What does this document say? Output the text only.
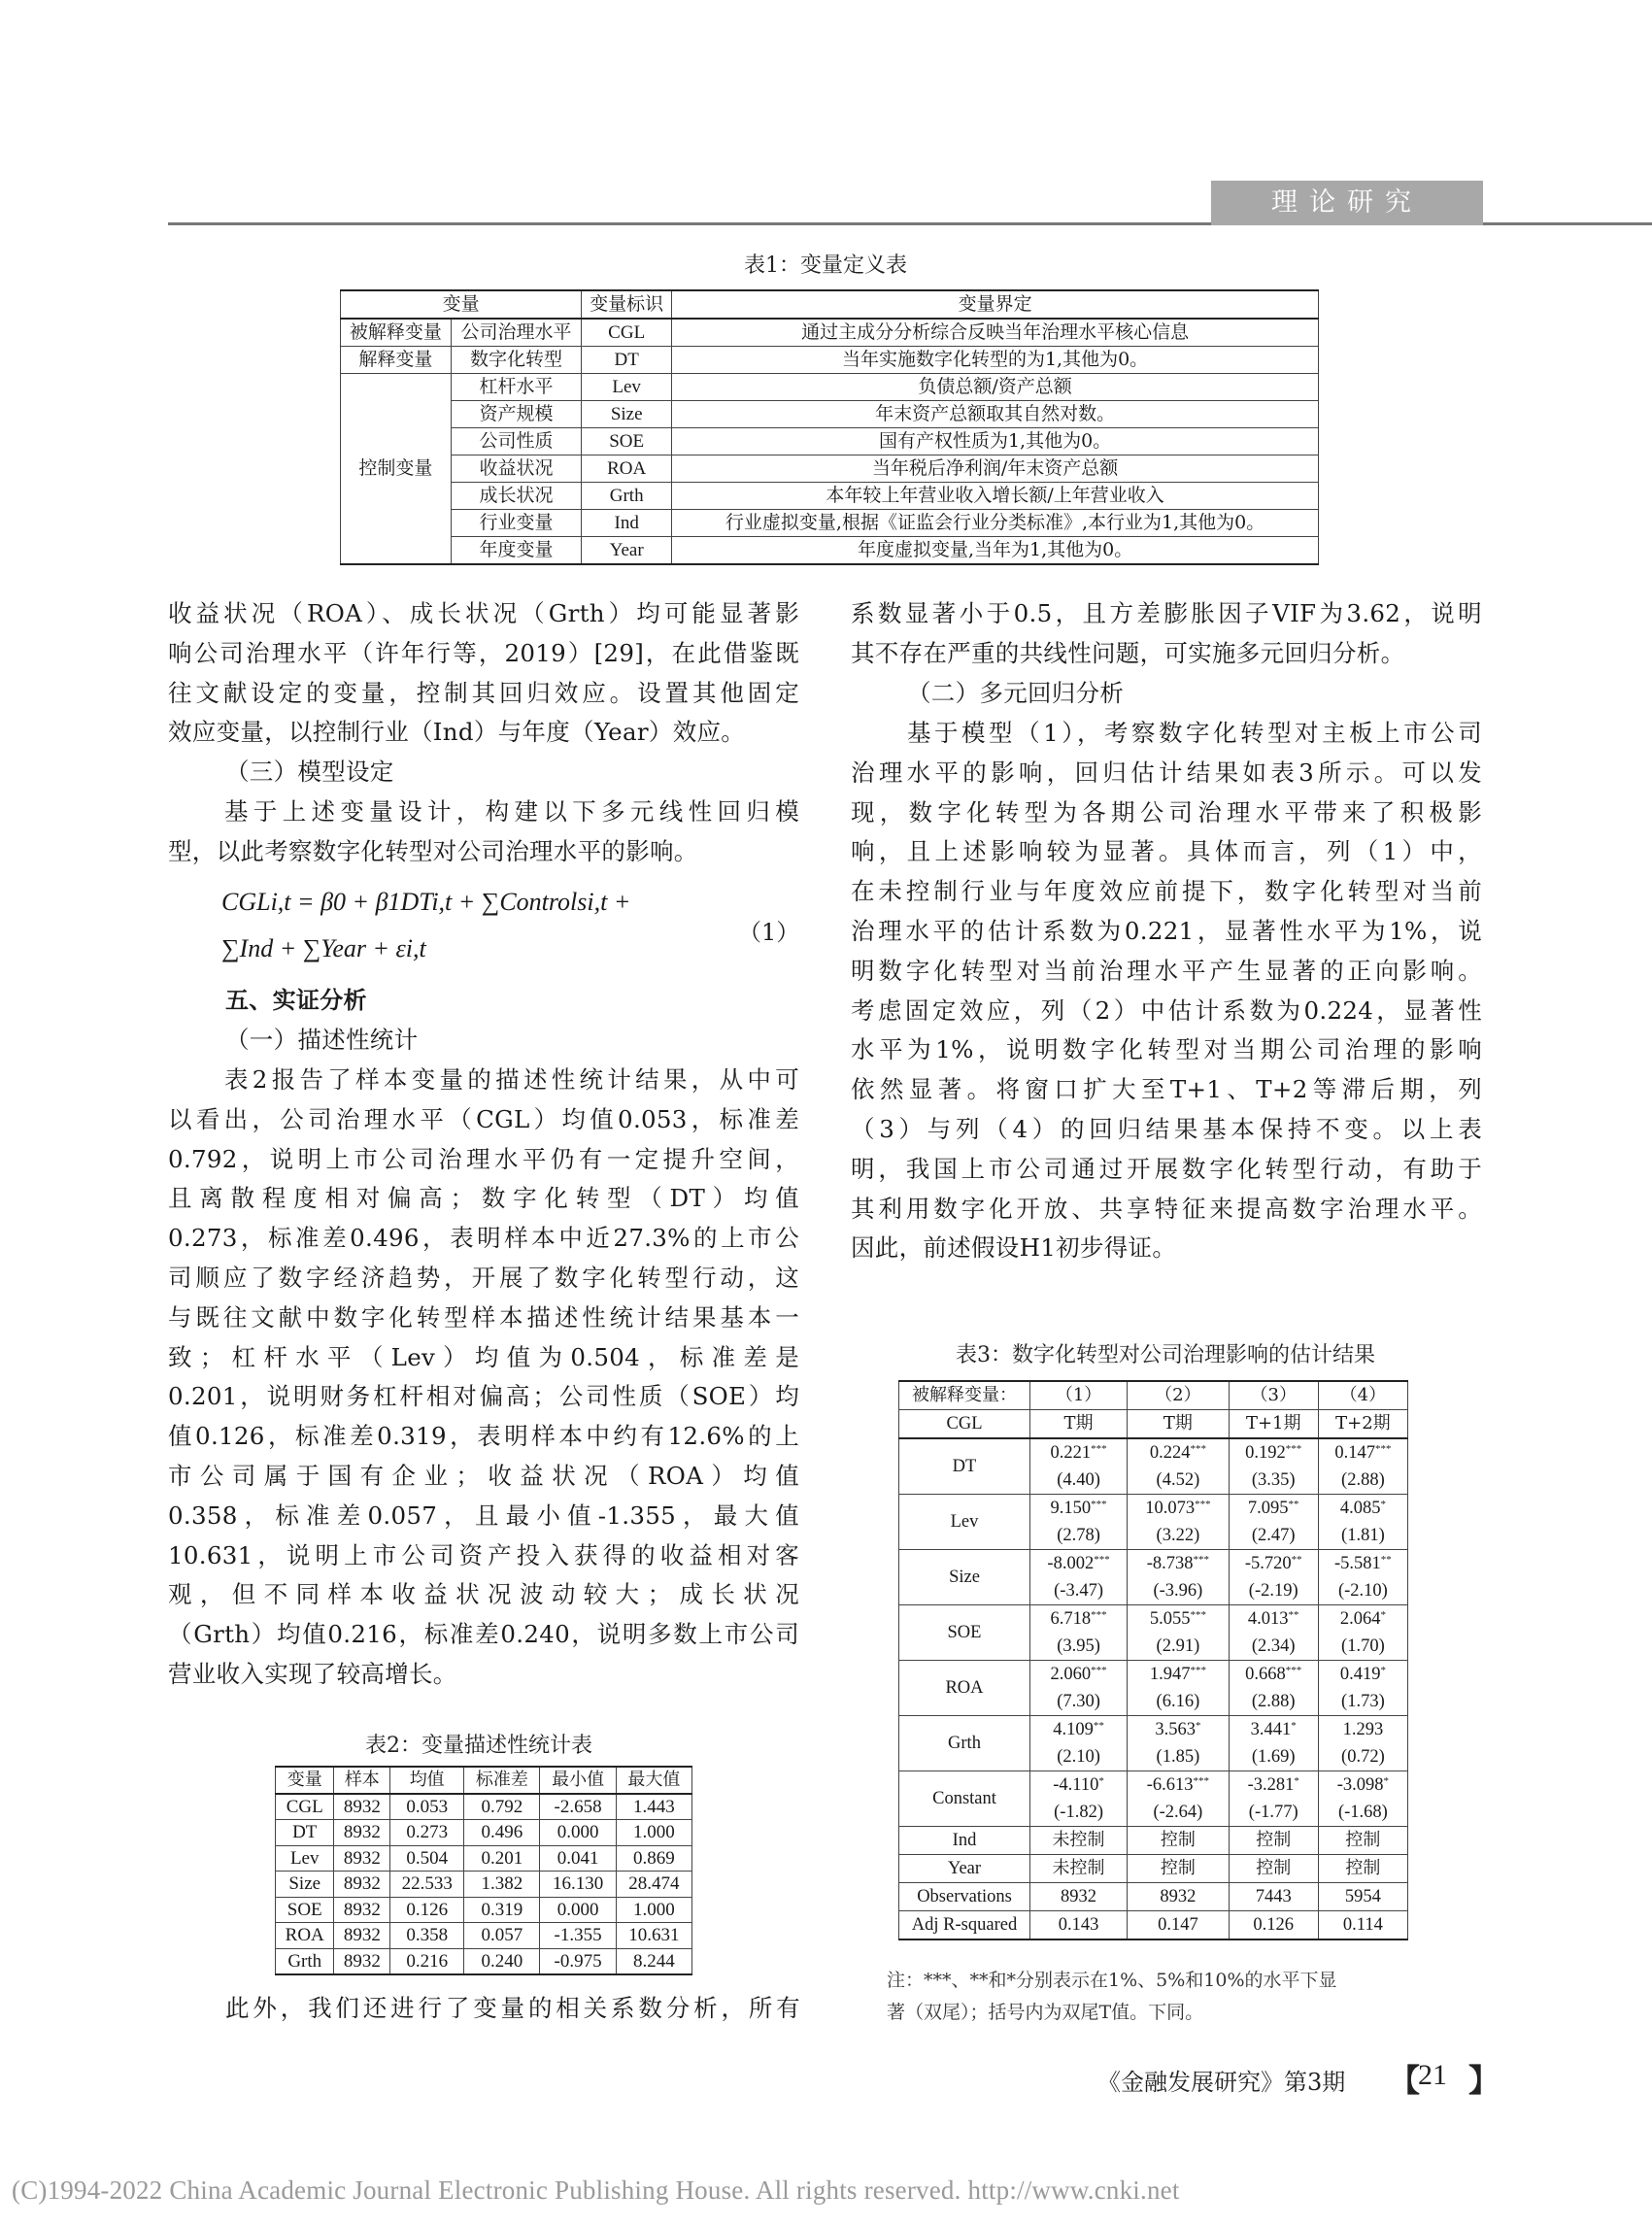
理论研究
表1：变量定义表
变量		变量标识	变量界定
被解释变量	公司治理水平	CGL	通过主成分分析综合反映当年治理水平核心信息
解释变量	数字化转型	DT	当年实施数字化转型的为1,其他为0。
控制变量	杠杆水平	Lev	负债总额/资产总额
	资产规模	Size	年末资产总额取其自然对数。
	公司性质	SOE	国有产权性质为1,其他为0。
	收益状况	ROA	当年税后净利润/年末资产总额
	成长状况	Grth	本年较上年营业收入增长额/上年营业收入
	行业变量	Ind	行业虚拟变量,根据《证监会行业分类标准》,本行业为1,其他为0。
	年度变量	Year	年度虚拟变量,当年为1,其他为0。
收益状况（ROA）、成长状况（Grth）均可能显著影
响公司治理水平（许年行等，2019）[29]，在此借鉴既
往文献设定的变量，控制其回归效应。设置其他固定
效应变量，以控制行业（Ind）与年度（Year）效应。
（三）模型设定
基于上述变量设计，构建以下多元线性回归模
型，以此考察数字化转型对公司治理水平的影响。
CGLi,t = β0 + β1DTi,t + ∑Controlsi,t +
∑Ind + ∑Year + εi,t
（1）
五、实证分析
（一）描述性统计
表2报告了样本变量的描述性统计结果，从中可
以看出，公司治理水平（CGL）均值0.053，标准差
0.792，说明上市公司治理水平仍有一定提升空间，
且离散程度相对偏高；数字化转型（DT）均值
0.273，标准差0.496，表明样本中近27.3%的上市公
司顺应了数字经济趋势，开展了数字化转型行动，这
与既往文献中数字化转型样本描述性统计结果基本一
致；杠杆水平（Lev）均值为0.504，标准差是
0.201，说明财务杠杆相对偏高；公司性质（SOE）均
值0.126，标准差0.319，表明样本中约有12.6%的上
市公司属于国有企业；收益状况（ROA）均值
0.358，标准差0.057，且最小值-1.355，最大值
10.631，说明上市公司资产投入获得的收益相对客
观，但不同样本收益状况波动较大；成长状况
（Grth）均值0.216，标准差0.240，说明多数上市公司
营业收入实现了较高增长。
表2：变量描述性统计表
变量	样本	均值	标准差	最小值	最大值
CGL	8932	0.053	0.792	-2.658	1.443
DT	8932	0.273	0.496	0.000	1.000
Lev	8932	0.504	0.201	0.041	0.869
Size	8932	22.533	1.382	16.130	28.474
SOE	8932	0.126	0.319	0.000	1.000
ROA	8932	0.358	0.057	-1.355	10.631
Grth	8932	0.216	0.240	-0.975	8.244
此外，我们还进行了变量的相关系数分析，所有
系数显著小于0.5，且方差膨胀因子VIF为3.62，说明
其不存在严重的共线性问题，可实施多元回归分析。
（二）多元回归分析
基于模型（1），考察数字化转型对主板上市公司
治理水平的影响，回归估计结果如表3所示。可以发
现，数字化转型为各期公司治理水平带来了积极影
响，且上述影响较为显著。具体而言，列（1）中，
在未控制行业与年度效应前提下，数字化转型对当前
治理水平的估计系数为0.221，显著性水平为1%，说
明数字化转型对当前治理水平产生显著的正向影响。
考虑固定效应，列（2）中估计系数为0.224，显著性
水平为1%，说明数字化转型对当期公司治理的影响
依然显著。将窗口扩大至T+1、T+2等滞后期，列
（3）与列（4）的回归结果基本保持不变。以上表
明，我国上市公司通过开展数字化转型行动，有助于
其利用数字化开放、共享特征来提高数字治理水平。
因此，前述假设H1初步得证。
表3：数字化转型对公司治理影响的估计结果
被解释变量：	（1）	（2）	（3）	（4）
CGL	T期	T期	T+1期	T+2期
DT	0.221***	0.224***	0.192***	0.147***
	(4.40)	(4.52)	(3.35)	(2.88)
Lev	9.150***	10.073***	7.095**	4.085*
	(2.78)	(3.22)	(2.47)	(1.81)
Size	-8.002***	-8.738***	-5.720**	-5.581**
	(-3.47)	(-3.96)	(-2.19)	(-2.10)
SOE	6.718***	5.055***	4.013**	2.064*
	(3.95)	(2.91)	(2.34)	(1.70)
ROA	2.060***	1.947***	0.668***	0.419*
	(7.30)	(6.16)	(2.88)	(1.73)
Grth	4.109**	3.563*	3.441*	1.293
	(2.10)	(1.85)	(1.69)	(0.72)
Constant	-4.110*	-6.613***	-3.281*	-3.098*
	(-1.82)	(-2.64)	(-1.77)	(-1.68)
Ind	未控制	控制	控制	控制
Year	未控制	控制	控制	控制
Observations	8932	8932	7443	5954
Adj R-squared	0.143	0.147	0.126	0.114
注：***、**和*分别表示在1%、5%和10%的水平下显
著（双尾）；括号内为双尾T值。下同。
《金融发展研究》第3期 【
21 】
(C)1994-2022 China Academic Journal Electronic Publishing House. All rights reserved. http://www.cnki.net
